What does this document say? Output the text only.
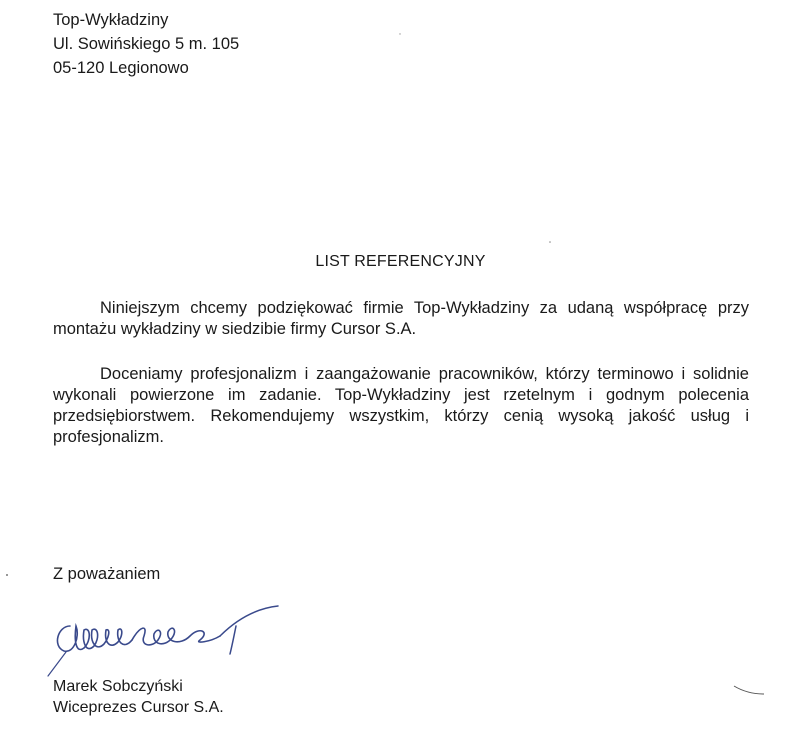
Top-Wykładziny
Ul. Sowińskiego 5 m. 105
05-120 Legionowo
LIST REFERENCYJNY
Niniejszym chcemy podziękować firmie Top-Wykładziny za udaną współpracę przy montażu wykładziny w siedzibie firmy Cursor S.A.
Doceniamy profesjonalizm i zaangażowanie pracowników, którzy terminowo i solidnie wykonali powierzone im zadanie. Top-Wykładziny jest rzetelnym i godnym polecenia przedsiębiorstwem. Rekomendujemy wszystkim, którzy cenią wysoką jakość usług i profesjonalizm.
Z poważaniem
Marek Sobczyński
Wiceprezes Cursor S.A.
